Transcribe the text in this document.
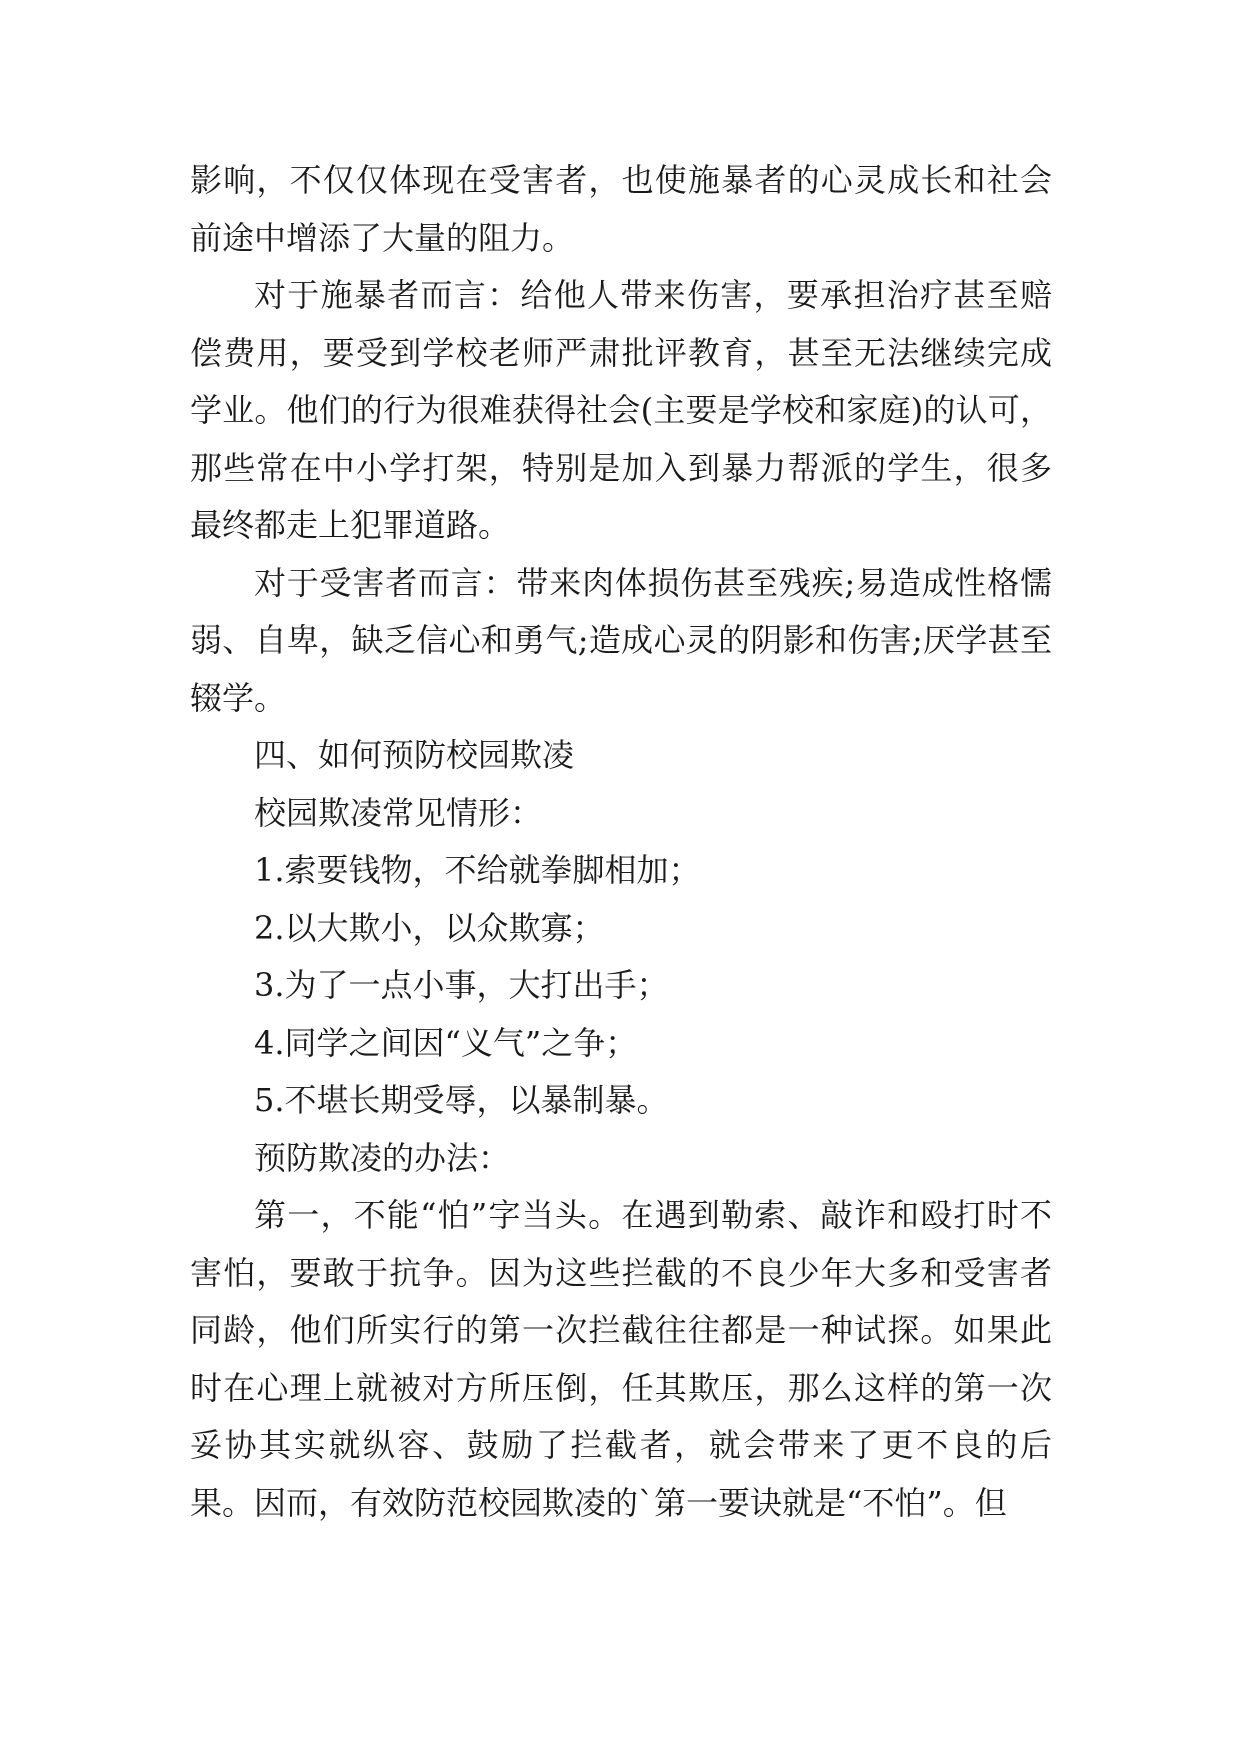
影响，不仅仅体现在受害者，也使施暴者的心灵成长和社会前途中增添了大量的阻力。

对于施暴者而言：给他人带来伤害，要承担治疗甚至赔偿费用，要受到学校老师严肃批评教育，甚至无法继续完成学业。他们的行为很难获得社会(主要是学校和家庭)的认可，那些常在中小学打架，特别是加入到暴力帮派的学生，很多最终都走上犯罪道路。

对于受害者而言：带来肉体损伤甚至残疾;易造成性格懦弱、自卑，缺乏信心和勇气;造成心灵的阴影和伤害;厌学甚至辍学。

四、如何预防校园欺凌

校园欺凌常见情形：

1.索要钱物，不给就拳脚相加；

2.以大欺小，以众欺寡；

3.为了一点小事，大打出手；

4.同学之间因“义气”之争；

5.不堪长期受辱，以暴制暴。

预防欺凌的办法：

第一，不能“怕”字当头。在遇到勒索、敲诈和殴打时不害怕，要敢于抗争。因为这些拦截的不良少年大多和受害者同龄，他们所实行的第一次拦截往往都是一种试探。如果此时在心理上就被对方所压倒，任其欺压，那么这样的第一次妥协其实就纵容、鼓励了拦截者，就会带来了更不良的后果。因而，有效防范校园欺凌的`第一要诀就是“不怕”。但
